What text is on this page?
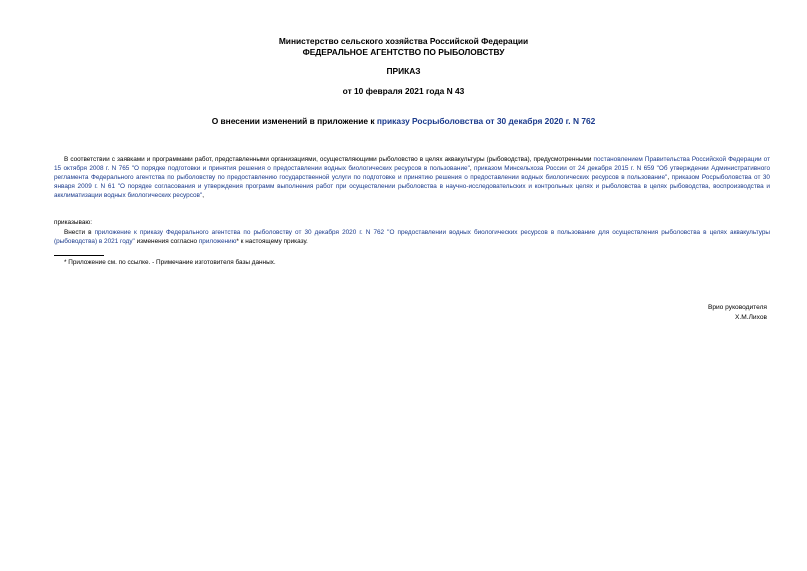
Министерство сельского хозяйства Российской Федерации
ФЕДЕРАЛЬНОЕ АГЕНТСТВО ПО РЫБОЛОВСТВУ
ПРИКАЗ
от 10 февраля 2021 года N 43
О внесении изменений в приложение к приказу Росрыболовства от 30 декабря 2020 г. N 762
В соответствии с заявками и программами работ, представленными организациями, осуществляющими рыболовство в целях аквакультуры (рыбоводства), предусмотренными постановлением Правительства Российской Федерации от 15 октября 2008 г. N 765 "О порядке подготовки и принятия решения о предоставлении водных биологических ресурсов в пользование", приказом Минсельхоза России от 24 декабря 2015 г. N 659 "Об утверждении Административного регламента Федерального агентства по рыболовству по предоставлению государственной услуги по подготовке и принятию решения о предоставлении водных биологических ресурсов в пользование", приказом Росрыболовства от 30 января 2009 г. N 61 "О порядке согласования и утверждения программ выполнения работ при осуществлении рыболовства в научно-исследовательских и контрольных целях и рыболовства в целях рыбоводства, воспроизводства и акклиматизации водных биологических ресурсов",
приказываю:
Внести в приложение к приказу Федерального агентства по рыболовству от 30 декабря 2020 г. N 762 "О предоставлении водных биологических ресурсов в пользование для осуществления рыболовства в целях аквакультуры (рыбоводства) в 2021 году" изменения согласно приложению* к настоящему приказу.
* Приложение см. по ссылке. - Примечание изготовителя базы данных.
Врио руководителя
Х.М.Лихов
